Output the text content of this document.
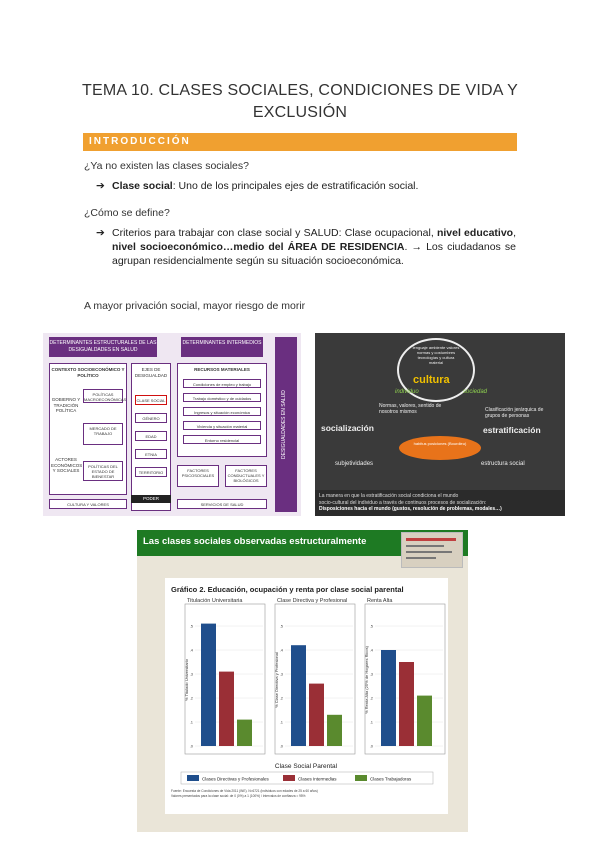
TEMA 10. CLASES SOCIALES, CONDICIONES DE VIDA Y
EXCLUSIÓN
INTRODUCCIÓN
¿Ya no existen las clases sociales?
➔ Clase social: Uno de los principales ejes de estratificación social.
¿Cómo se define?
➔ Criterios para trabajar con clase social y SALUD: Clase ocupacional, nivel educativo, nivel socioeconómico…medio del ÁREA DE RESIDENCIA. → Los ciudadanos se agrupan residencialmente según su situación socioeconómica.
A mayor privación social, mayor riesgo de morir
DETERMINANTES ESTRUCTURALES DE LAS DESIGUALDADES EN SALUD
DETERMINANTES INTERMEDIOS
DESIGUALDADES EN SALUD
CONTEXTO SOCIOECONÓMICO Y POLÍTICO
POLÍTICAS MACROECONÓMICAS
GOBIERNO Y TRADICIÓN POLÍTICA
MERCADO DE TRABAJO
ACTORES ECONÓMICOS Y SOCIALES
POLÍTICAS DEL ESTADO DE BIENESTAR
CULTURA Y VALORES
EJES DE DESIGUALDAD
CLASE SOCIAL
GÉNERO
EDAD
ETNIA
TERRITORIO
PODER
RECURSOS MATERIALES
Condiciones de empleo y trabajo
Trabajo doméstico y de cuidados
Ingresos y situación económica
Vivienda y situación material
Entorno residencial
FACTORES PSICOSOCIALES
FACTORES CONDUCTUALES Y BIOLÓGICOS
SERVICIOS DE SALUD
lenguaje ambiente valores normas y costumbres tecnologías y cultura material
cultura
individuo	sociedad
Normas, valores, sentido de nosotros mismos	Clasificación jerárquica de grupos de personas
socialización	estratificación
habitus posiciones (Bourdieu)
subjetividades	estructura social
La manera en que la estratificación social condiciona el mundo
socio-cultural del individuo a través de continuos procesos de socialización:
Disposiciones hacia el mundo (gustos, resolución de problemas, modales…)
Las clases sociales observadas estructuralmente
Gráfico 2. Educación, ocupación y renta por clase social parental
Titulación Universitaria
.0
.1
.2
.3
.4
.5
% Titulado Universitario
Clase Directiva y Profesional
.0
.1
.2
.3
.4
.5
% Clase Directiva y Profesional
Renta Alta
.0
.1
.2
.3
.4
.5
% Renta Alta (25% de Hogares Ricos)
Clase Social Parental
Clases Directivas y Profesionales	Clases Intermedias	Clases Trabajadoras
Fuente: Encuesta de Condiciones de Vida 2011 (INE). N=6721 (individuos con edades de 25 a 60 años)
Valores presentados para la clase social: de 0 (0%) a 1 (100%) / Intervalos de confianza = 95%
